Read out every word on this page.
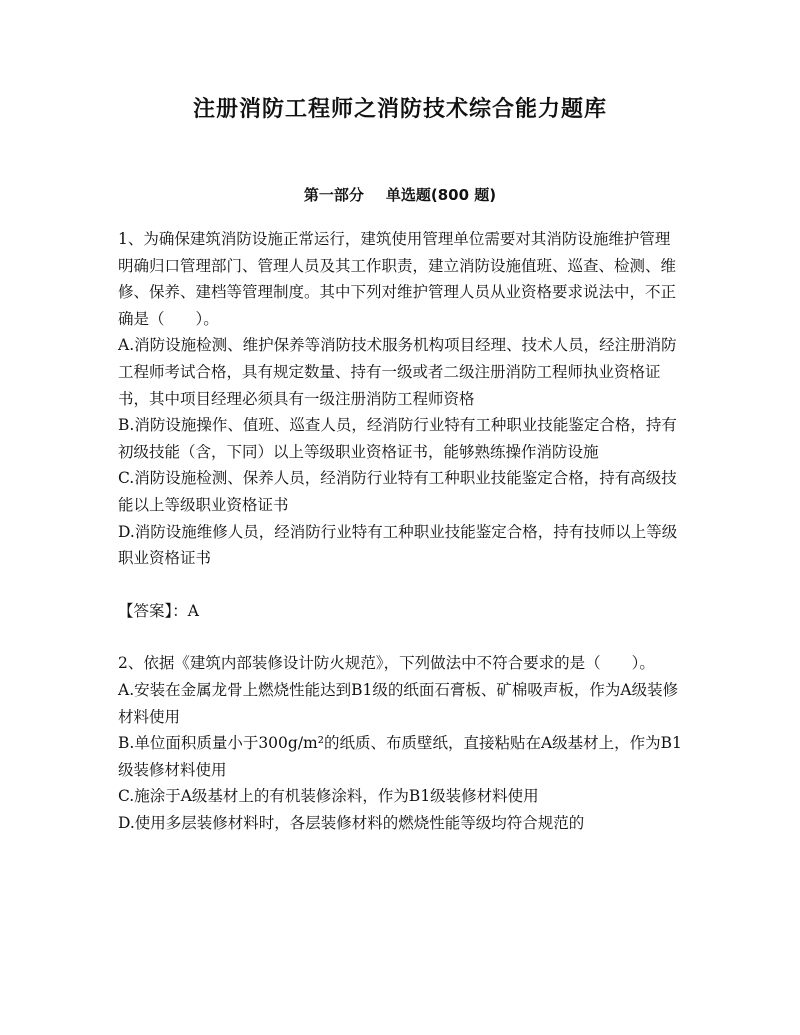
注册消防工程师之消防技术综合能力题库
第一部分 单选题(800 题)

1、为确保建筑消防设施正常运行，建筑使用管理单位需要对其消防设施维护管理明确归口管理部门、管理人员及其工作职责，建立消防设施值班、巡查、检测、维修、保养、建档等管理制度。其中下列对维护管理人员从业资格要求说法中，不正确是（　　）。

A.消防设施检测、维护保养等消防技术服务机构项目经理、技术人员，经注册消防工程师考试合格，具有规定数量、持有一级或者二级注册消防工程师执业资格证书，其中项目经理必须具有一级注册消防工程师资格

B.消防设施操作、值班、巡查人员，经消防行业特有工种职业技能鉴定合格，持有初级技能（含，下同）以上等级职业资格证书，能够熟练操作消防设施

C.消防设施检测、保养人员，经消防行业特有工种职业技能鉴定合格，持有高级技能以上等级职业资格证书

D.消防设施维修人员，经消防行业特有工种职业技能鉴定合格，持有技师以上等级职业资格证书

【答案】：A

2、依据《建筑内部装修设计防火规范》，下列做法中不符合要求的是（　　）。

A.安装在金属龙骨上燃烧性能达到B1级的纸面石膏板、矿棉吸声板，作为A级装修材料使用

B.单位面积质量小于300g/m²的纸质、布质壁纸，直接粘贴在A级基材上，作为B1级装修材料使用

C.施涂于A级基材上的有机装修涂料，作为B1级装修材料使用

D.使用多层装修材料时，各层装修材料的燃烧性能等级均符合规范的
